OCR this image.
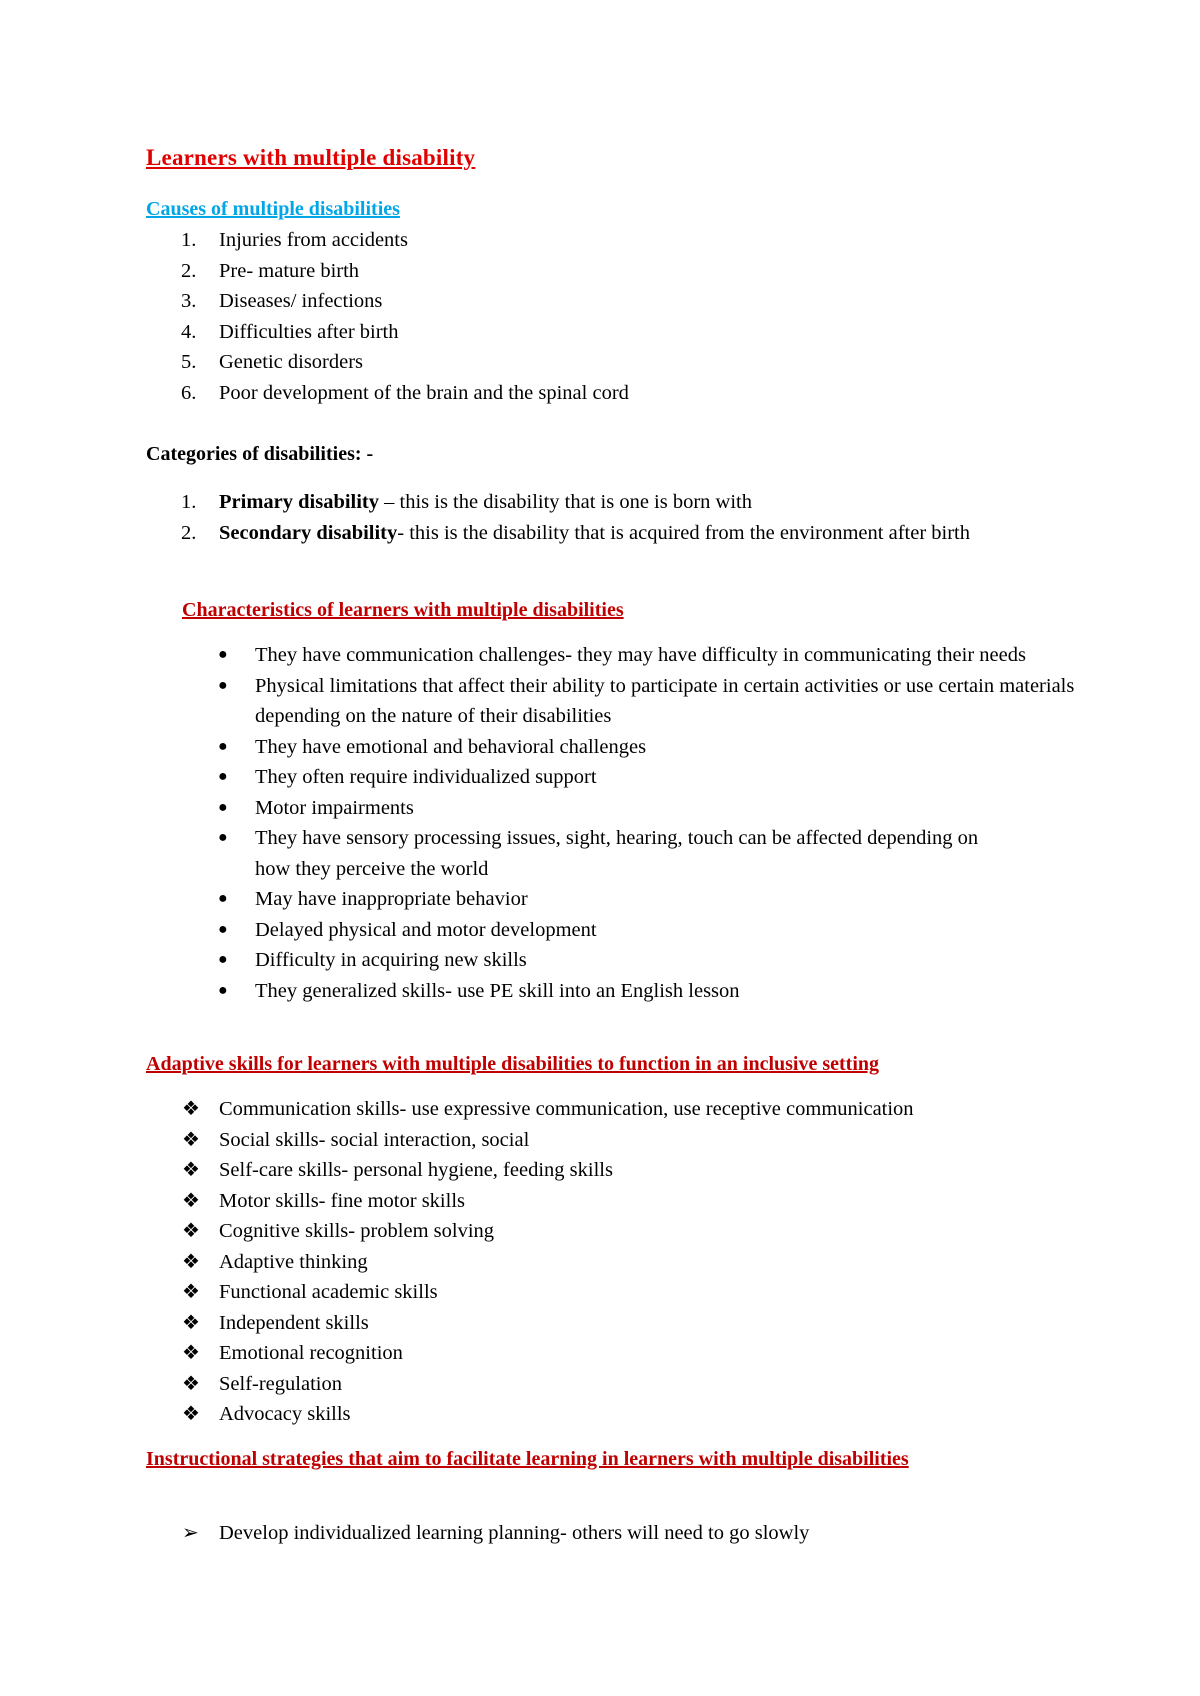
Learners with multiple disability
Causes of multiple disabilities
1. Injuries from accidents
2. Pre- mature birth
3. Diseases/ infections
4. Difficulties after birth
5. Genetic disorders
6. Poor development of the brain and the spinal cord
Categories of disabilities: -
1. Primary disability – this is the disability that is one is born with
2. Secondary disability- this is the disability that is acquired from the environment after birth
Characteristics of learners with multiple disabilities
● They have communication challenges- they may have difficulty in communicating their needs
● Physical limitations that affect their ability to participate in certain activities or use certain materials depending on the nature of their disabilities
● They have emotional and behavioral challenges
● They often require individualized support
● Motor impairments
● They have sensory processing issues, sight, hearing, touch can be affected depending on how they perceive the world
● May have inappropriate behavior
● Delayed physical and motor development
● Difficulty in acquiring new skills
● They generalized skills- use PE skill into an English lesson
Adaptive skills for learners with multiple disabilities to function in an inclusive setting
❖ Communication skills- use expressive communication, use receptive communication
❖ Social skills- social interaction, social
❖ Self-care skills- personal hygiene, feeding skills
❖ Motor skills- fine motor skills
❖ Cognitive skills- problem solving
❖ Adaptive thinking
❖ Functional academic skills
❖ Independent skills
❖ Emotional recognition
❖ Self-regulation
❖ Advocacy skills
Instructional strategies that aim to facilitate learning in learners with multiple disabilities
➢ Develop individualized learning planning- others will need to go slowly
